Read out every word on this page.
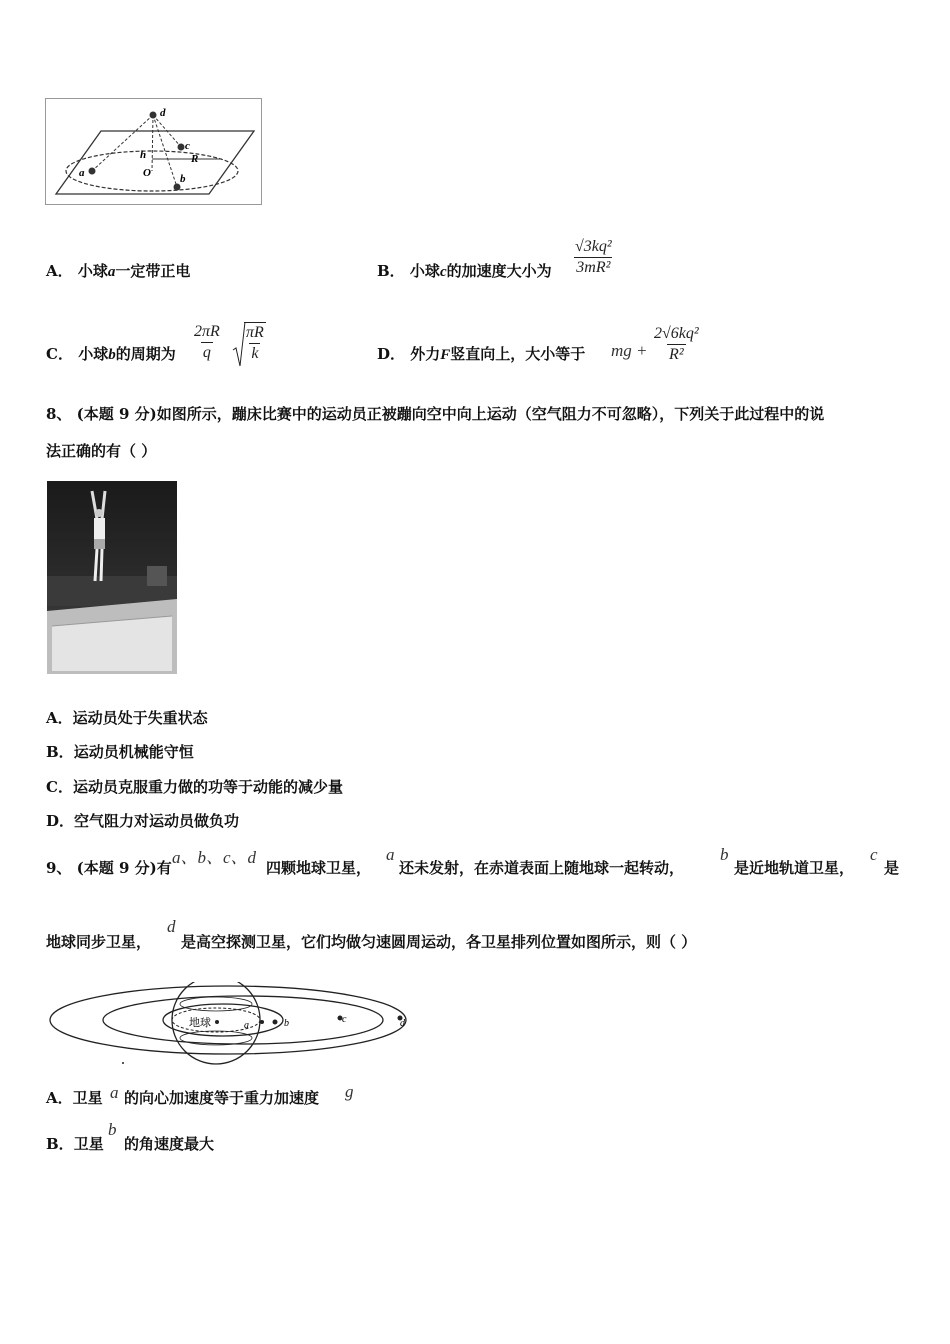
d
c
h	R
O
a	b
A． 小球a一定带正电	B． 小球c的加速度大小为 $\frac{\text{√3kq²}}{\text{3mR²}}$
C． 小球b的周期为 $\frac{2\pi R}{q} \frac{\pi R}{k}$	D． 外力F竖直向上，大小等于 mg + $\frac{\text{2√6kq²}}{\text{R²}}$
8、 (本题 9 分)如图所示，蹦床比赛中的运动员正被蹦向空中向上运动（空气阻力不可忽略），下列关于此过程中的说
法正确的有（ ）
A．运动员处于失重状态
B．运动员机械能守恒
C．运动员克服重力做的功等于动能的减少量
D．空气阻力对运动员做负功
9、 (本题 9 分)有
a、b、c、d
四颗地球卫星，
a
还未发射，在赤道表面上随地球一起转动，
b
是近地轨道卫星，
c
是
地球同步卫星，
d
是高空探测卫星，它们均做匀速圆周运动，各卫星排列位置如图所示，则（ ）
地球	a	b	c	d
A．卫星 a 的向心加速度等于重力加速度 g
B．卫星
b
的角速度最大
